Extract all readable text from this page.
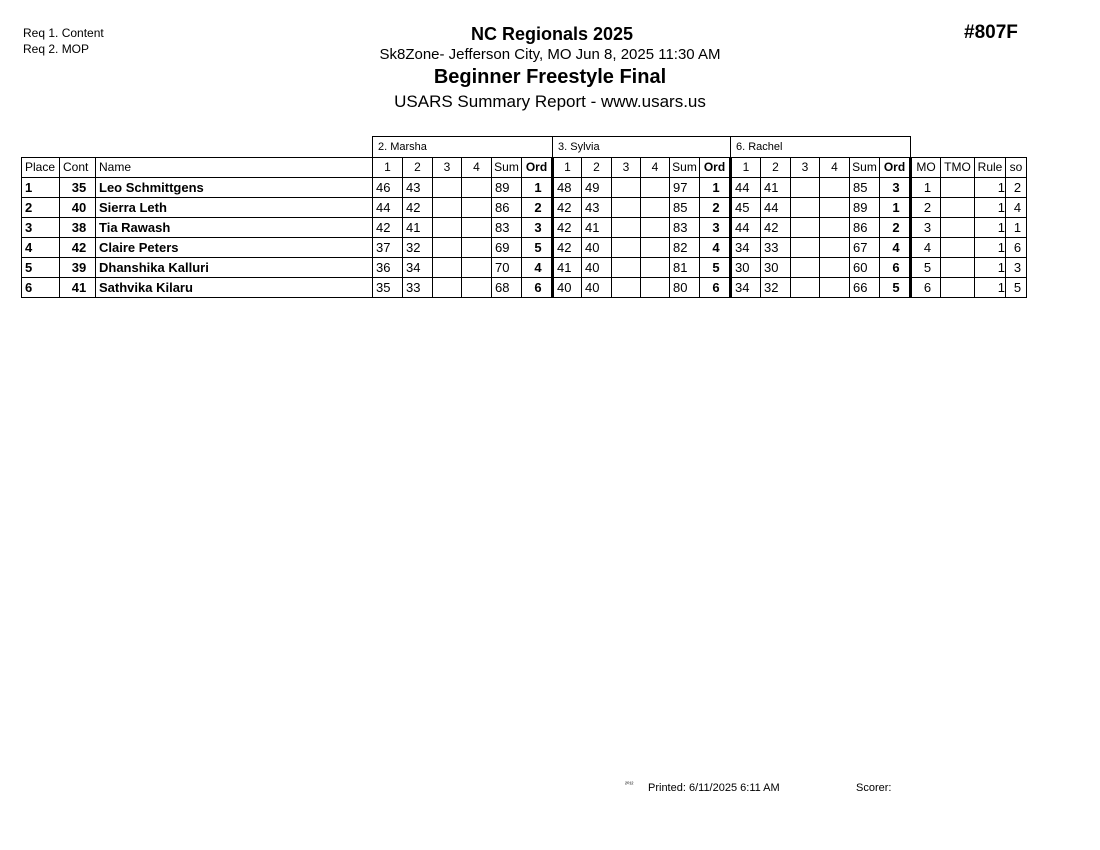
Req 1. Content
Req 2. MOP
NC Regionals 2025
Sk8Zone- Jefferson City, MO Jun 8, 2025 11:30 AM
Beginner Freestyle Final
USARS Summary Report - www.usars.us
#807F
			2. Marsha						3. Sylvia						6. Rachel									
Place	Cont	Name	1	2	3	4	Sum	Ord	1	2	3	4	Sum	Ord	1	2	3	4	Sum	Ord	MO	TMO	Rule	so
1	35	Leo Schmittgens	46	43			89	1	48	49			97	1	44	41			85	3	1		1	2
2	40	Sierra Leth	44	42			86	2	42	43			85	2	45	44			89	1	2		1	4
3	38	Tia Rawash	42	41			83	3	42	41			83	3	44	42			86	2	3		1	1
4	42	Claire Peters	37	32			69	5	42	40			82	4	34	33			67	4	4		1	6
5	39	Dhanshika Kalluri	36	34			70	4	41	40			81	5	30	30			60	6	5		1	3
6	41	Sathvika Kilaru	35	33			68	6	40	40			80	6	34	32			66	5	6		1	5
²⁰¹² Printed: 6/11/2025 6:11 AM	Scorer:
